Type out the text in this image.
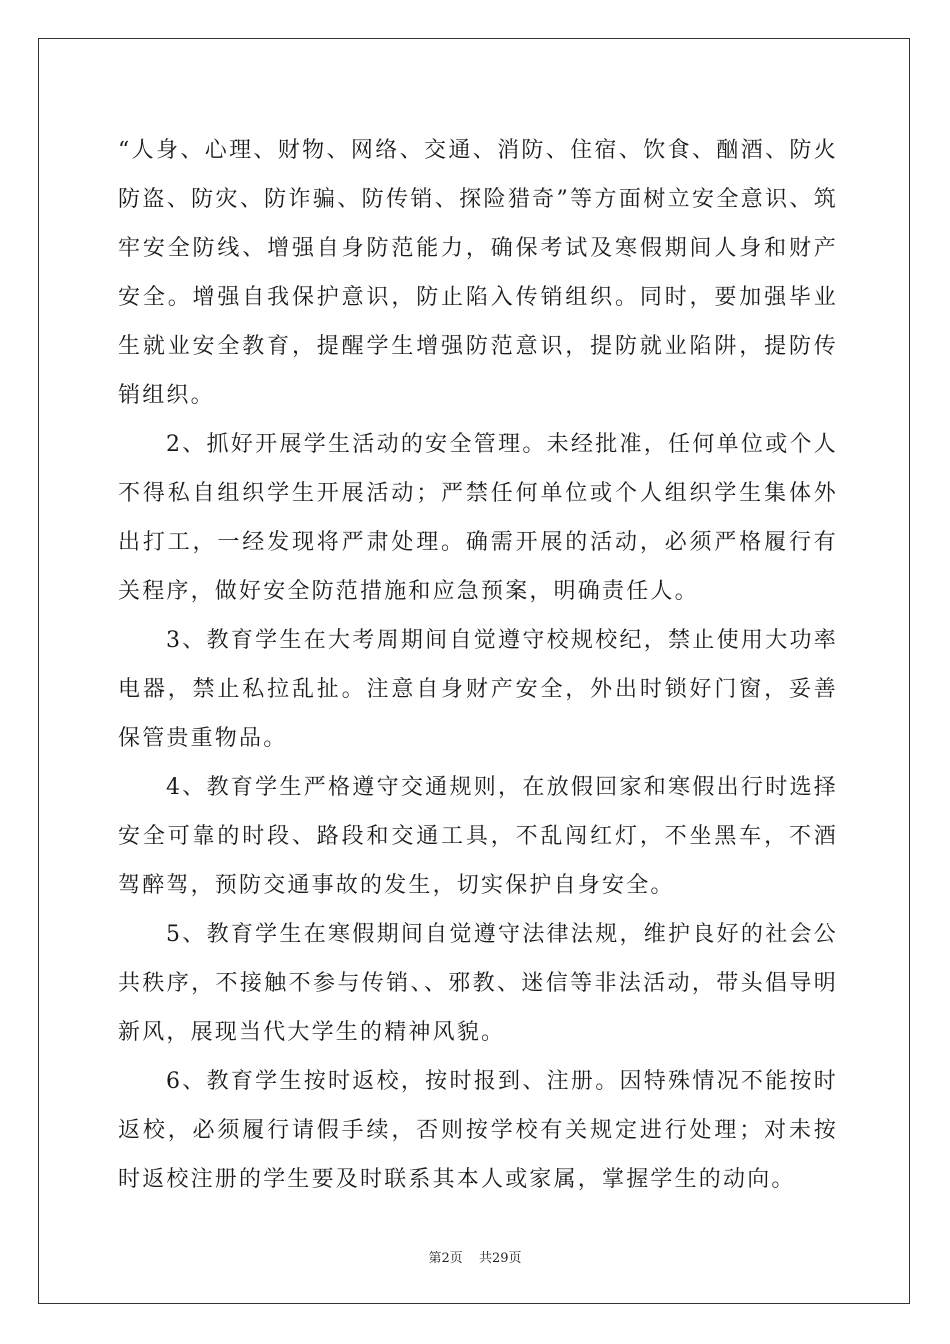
“人身、心理、财物、网络、交通、消防、住宿、饮食、酗酒、防火防盗、防灾、防诈骗、防传销、探险猎奇”等方面树立安全意识、筑牢安全防线、增强自身防范能力，确保考试及寒假期间人身和财产安全。增强自我保护意识，防止陷入传销组织。同时，要加强毕业生就业安全教育，提醒学生增强防范意识，提防就业陷阱，提防传销组织。

2、抓好开展学生活动的安全管理。未经批准，任何单位或个人不得私自组织学生开展活动；严禁任何单位或个人组织学生集体外出打工，一经发现将严肃处理。确需开展的活动，必须严格履行有关程序，做好安全防范措施和应急预案，明确责任人。

3、教育学生在大考周期间自觉遵守校规校纪，禁止使用大功率电器，禁止私拉乱扯。注意自身财产安全，外出时锁好门窗，妥善保管贵重物品。

4、教育学生严格遵守交通规则，在放假回家和寒假出行时选择安全可靠的时段、路段和交通工具，不乱闯红灯，不坐黑车，不酒驾醉驾，预防交通事故的发生，切实保护自身安全。

5、教育学生在寒假期间自觉遵守法律法规，维护良好的社会公共秩序，不接触不参与传销、、邪教、迷信等非法活动，带头倡导明新风，展现当代大学生的精神风貌。

6、教育学生按时返校，按时报到、注册。因特殊情况不能按时返校，必须履行请假手续，否则按学校有关规定进行处理；对未按时返校注册的学生要及时联系其本人或家属，掌握学生的动向。

第2页 共29页
